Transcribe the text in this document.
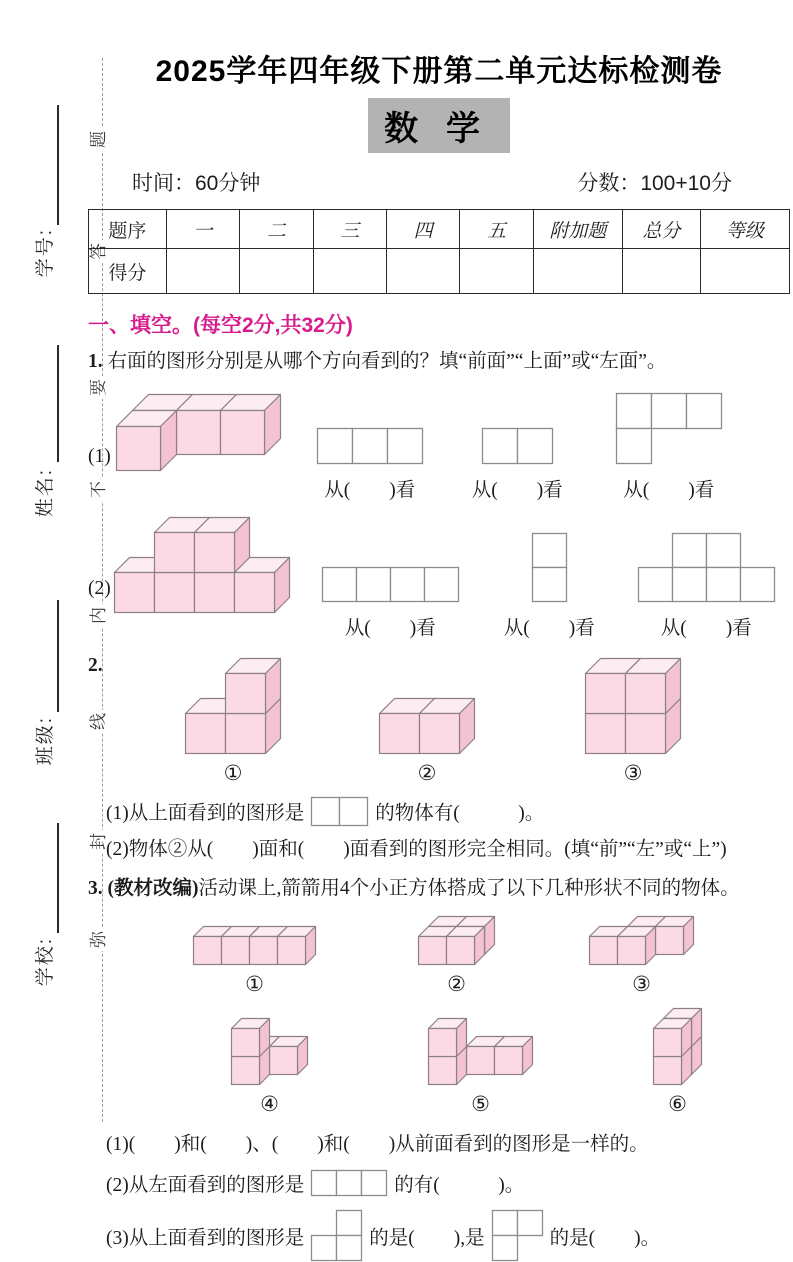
题
答
要
不
内
线
封
弥
学号:
姓名:
班级:
学校:
2025学年四年级下册第二单元达标检测卷
数学
时间：60分钟	分数：100+10分
题序	一	二	三	四	五	附加题	总分	等级
得分								
一、填空。(每空2分,共32分)
1. 右面的图形分别是从哪个方向看到的？填“前面”“上面”或“左面”。
(1)
从(　　)看	从(　　)看	从(　　)看
(2)
从(　　)看	从(　　)看	从(　　)看
2.
①	②	③
(1)从上面看到的图形是	的物体有(　　　)。
(2)物体②从(　　)面和(　　)面看到的图形完全相同。(填“前”“左”或“上”)
3. (教材改编)活动课上,箭箭用4个小正方体搭成了以下几种形状不同的物体。
①	②	③
④	⑤	⑥
(1)(　　)和(　　)、(　　)和(　　)从前面看到的图形是一样的。
(2)从左面看到的图形是	的有(　　　)。
(3)从上面看到的图形是	的是(　　),是	的是(　　)。
